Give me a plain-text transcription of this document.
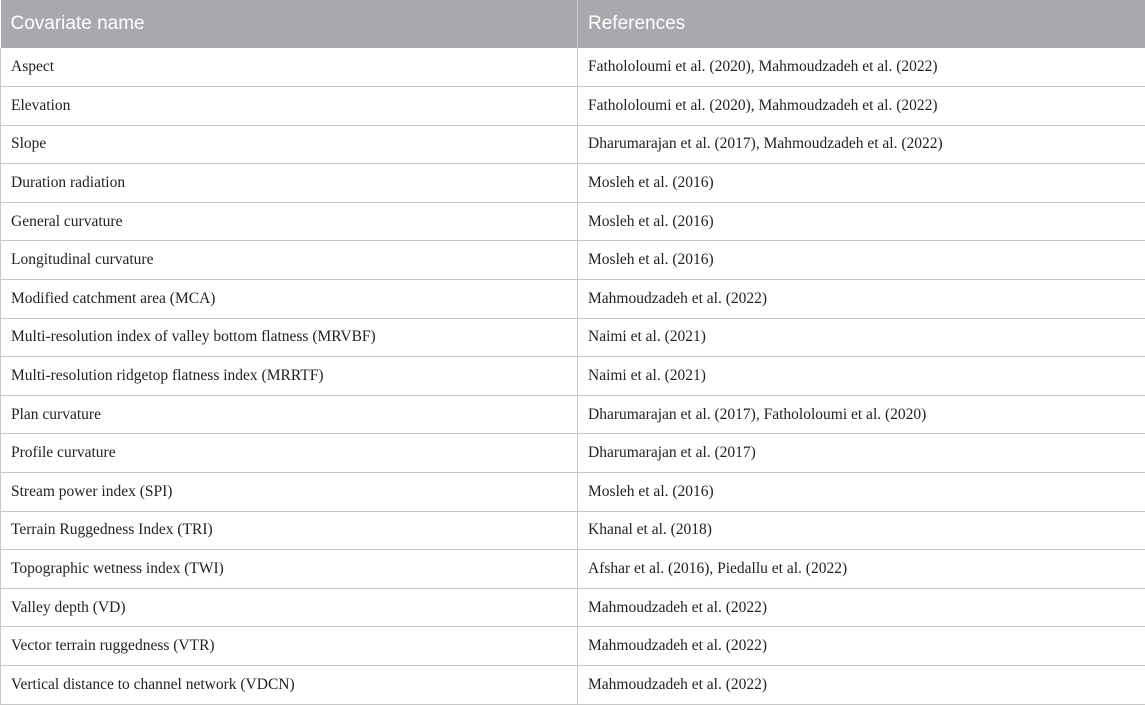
Covariate name	References
Aspect	Fathololoumi et al. (2020), Mahmoudzadeh et al. (2022)
Elevation	Fathololoumi et al. (2020), Mahmoudzadeh et al. (2022)
Slope	Dharumarajan et al. (2017), Mahmoudzadeh et al. (2022)
Duration radiation	Mosleh et al. (2016)
General curvature	Mosleh et al. (2016)
Longitudinal curvature	Mosleh et al. (2016)
Modified catchment area (MCA)	Mahmoudzadeh et al. (2022)
Multi-resolution index of valley bottom flatness (MRVBF)	Naimi et al. (2021)
Multi-resolution ridgetop flatness index (MRRTF)	Naimi et al. (2021)
Plan curvature	Dharumarajan et al. (2017), Fathololoumi et al. (2020)
Profile curvature	Dharumarajan et al. (2017)
Stream power index (SPI)	Mosleh et al. (2016)
Terrain Ruggedness Index (TRI)	Khanal et al. (2018)
Topographic wetness index (TWI)	Afshar et al. (2016), Piedallu et al. (2022)
Valley depth (VD)	Mahmoudzadeh et al. (2022)
Vector terrain ruggedness (VTR)	Mahmoudzadeh et al. (2022)
Vertical distance to channel network (VDCN)	Mahmoudzadeh et al. (2022)
